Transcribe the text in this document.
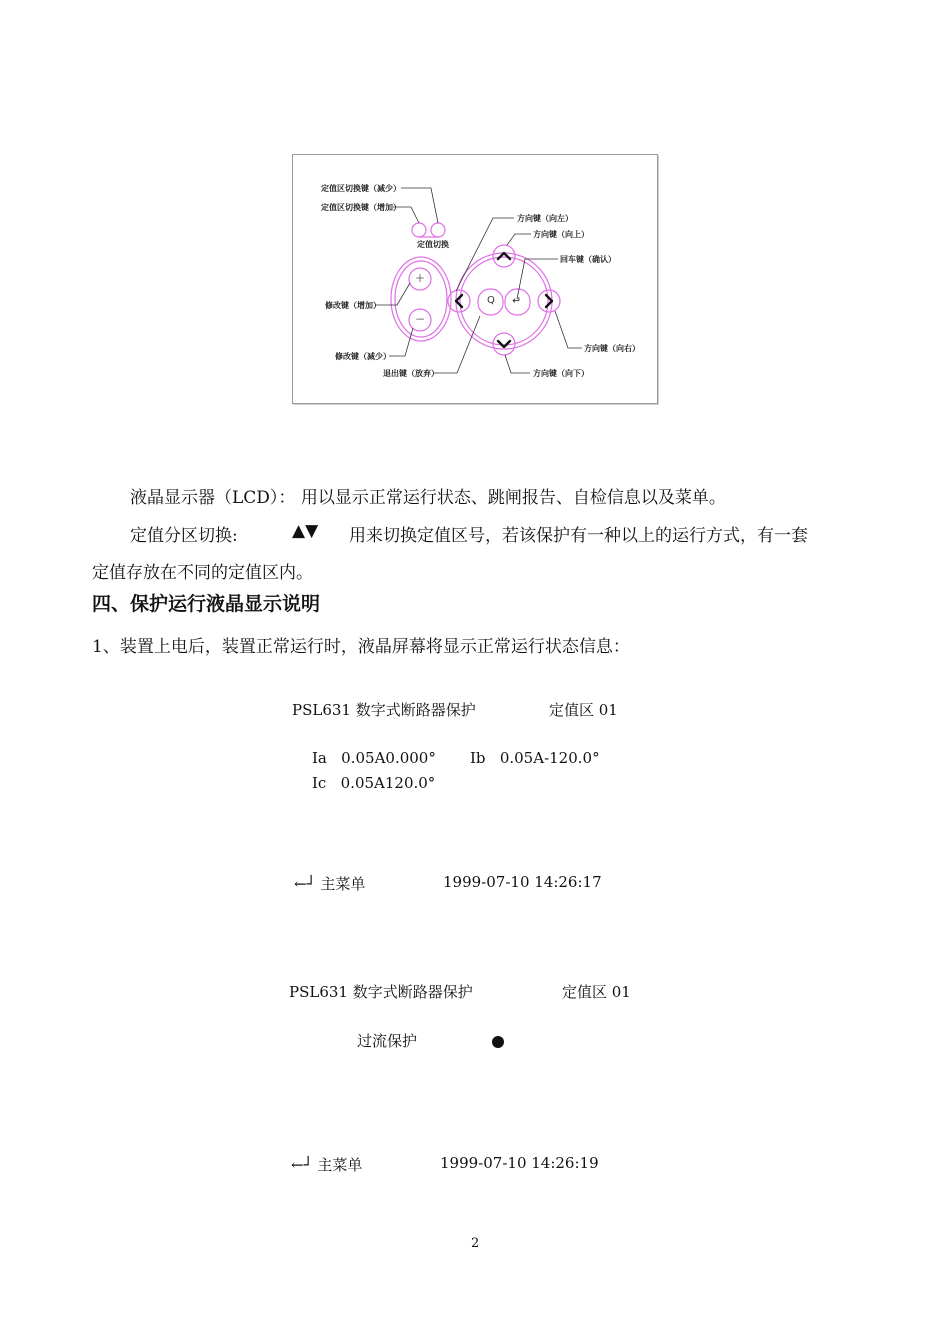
定值区切换键（减少）
定值区切换键（增加）
定值切换
方向键（向左）
方向键（向上）
回车键（确认）
修改键（增加）
方向键（向右）
修改键（减少）
退出键（放弃）	方向键（向下）
+
−
Q ↵
液晶显示器（LCD）： 用以显示正常运行状态、跳闸报告、自检信息以及菜单。
定值分区切换:	▲▼ 用来切换定值区号，若该保护有一种以上的运行方式，有一套
定值存放在不同的定值区内。
四、保护运行液晶显示说明
1、装置上电后，装置正常运行时，液晶屏幕将显示正常运行状态信息：
PSL631 数字式断路器保护	定值区 01
Ia   0.05A0.000° Ib   0.05A-120.0°
Ic   0.05A120.0°
←┘ 主菜单	1999-07-10 14:26:17
PSL631 数字式断路器保护	定值区 01
过流保护
←┘ 主菜单	1999-07-10 14:26:19
2
